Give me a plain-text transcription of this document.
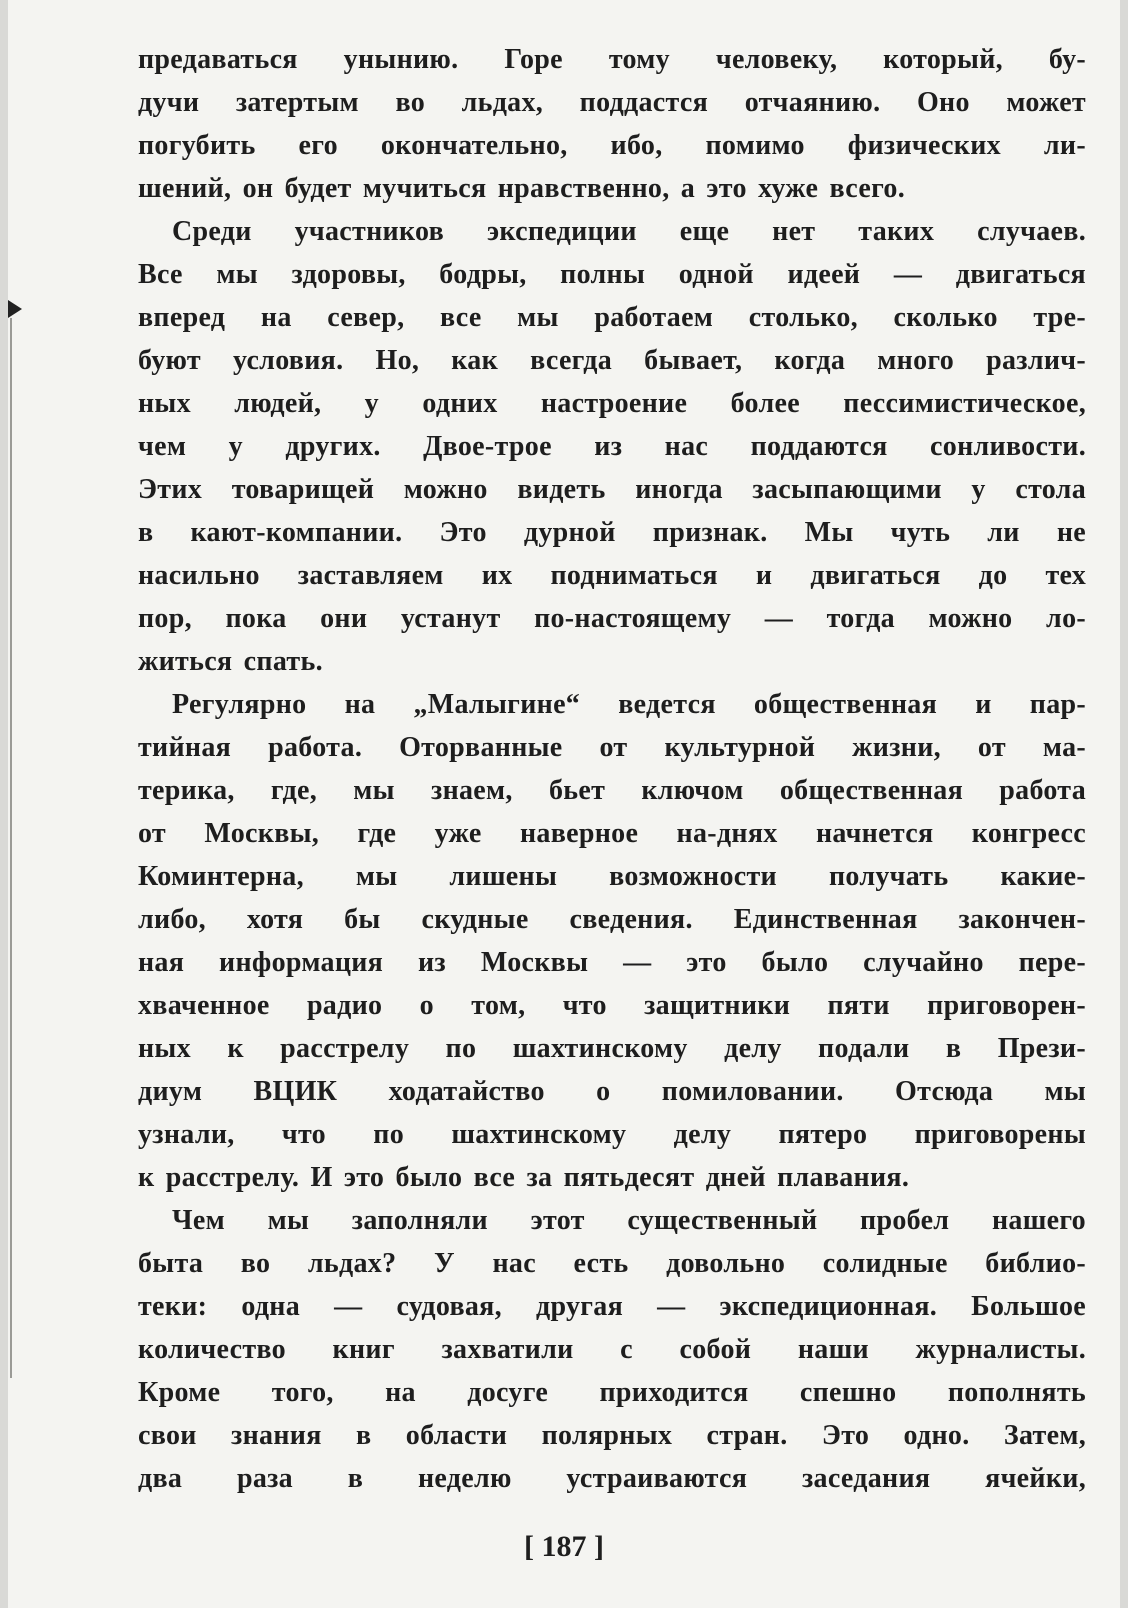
предаваться унынию. Горе тому человеку, который, бу-
дучи затертым во льдах, поддастся отчаянию. Оно может
погубить его окончательно, ибо, помимо физических ли-
шений, он будет мучиться нравственно, а это хуже всего.
Среди участников экспедиции еще нет таких случаев.
Все мы здоровы, бодры, полны одной идеей — двигаться
вперед на север, все мы работаем столько, сколько тре-
буют условия. Но, как всегда бывает, когда много различ-
ных людей, у одних настроение более пессимистическое,
чем у других. Двое-трое из нас поддаются сонливости.
Этих товарищей можно видеть иногда засыпающими у стола
в кают-компании. Это дурной признак. Мы чуть ли не
насильно заставляем их подниматься и двигаться до тех
пор, пока они устанут по-настоящему — тогда можно ло-
житься спать.
Регулярно на „Малыгине“ ведется общественная и пар-
тийная работа. Оторванные от культурной жизни, от ма-
терика, где, мы знаем, бьет ключом общественная работа
от Москвы, где уже наверное на-днях начнется конгресс
Коминтерна, мы лишены возможности получать какие-
либо, хотя бы скудные сведения. Единственная закончен-
ная информация из Москвы — это было случайно пере-
хваченное радио о том, что защитники пяти приговорен-
ных к расстрелу по шахтинскому делу подали в Прези-
диум ВЦИК ходатайство о помиловании. Отсюда мы
узнали, что по шахтинскому делу пятеро приговорены
к расстрелу. И это было все за пятьдесят дней плавания.
Чем мы заполняли этот существенный пробел нашего
быта во льдах? У нас есть довольно солидные библио-
теки: одна — судовая, другая — экспедиционная. Большое
количество книг захватили с собой наши журналисты.
Кроме того, на досуге приходится спешно пополнять
свои знания в области полярных стран. Это одно. Затем,
два раза в неделю устраиваются заседания ячейки,
[ 187 ]
